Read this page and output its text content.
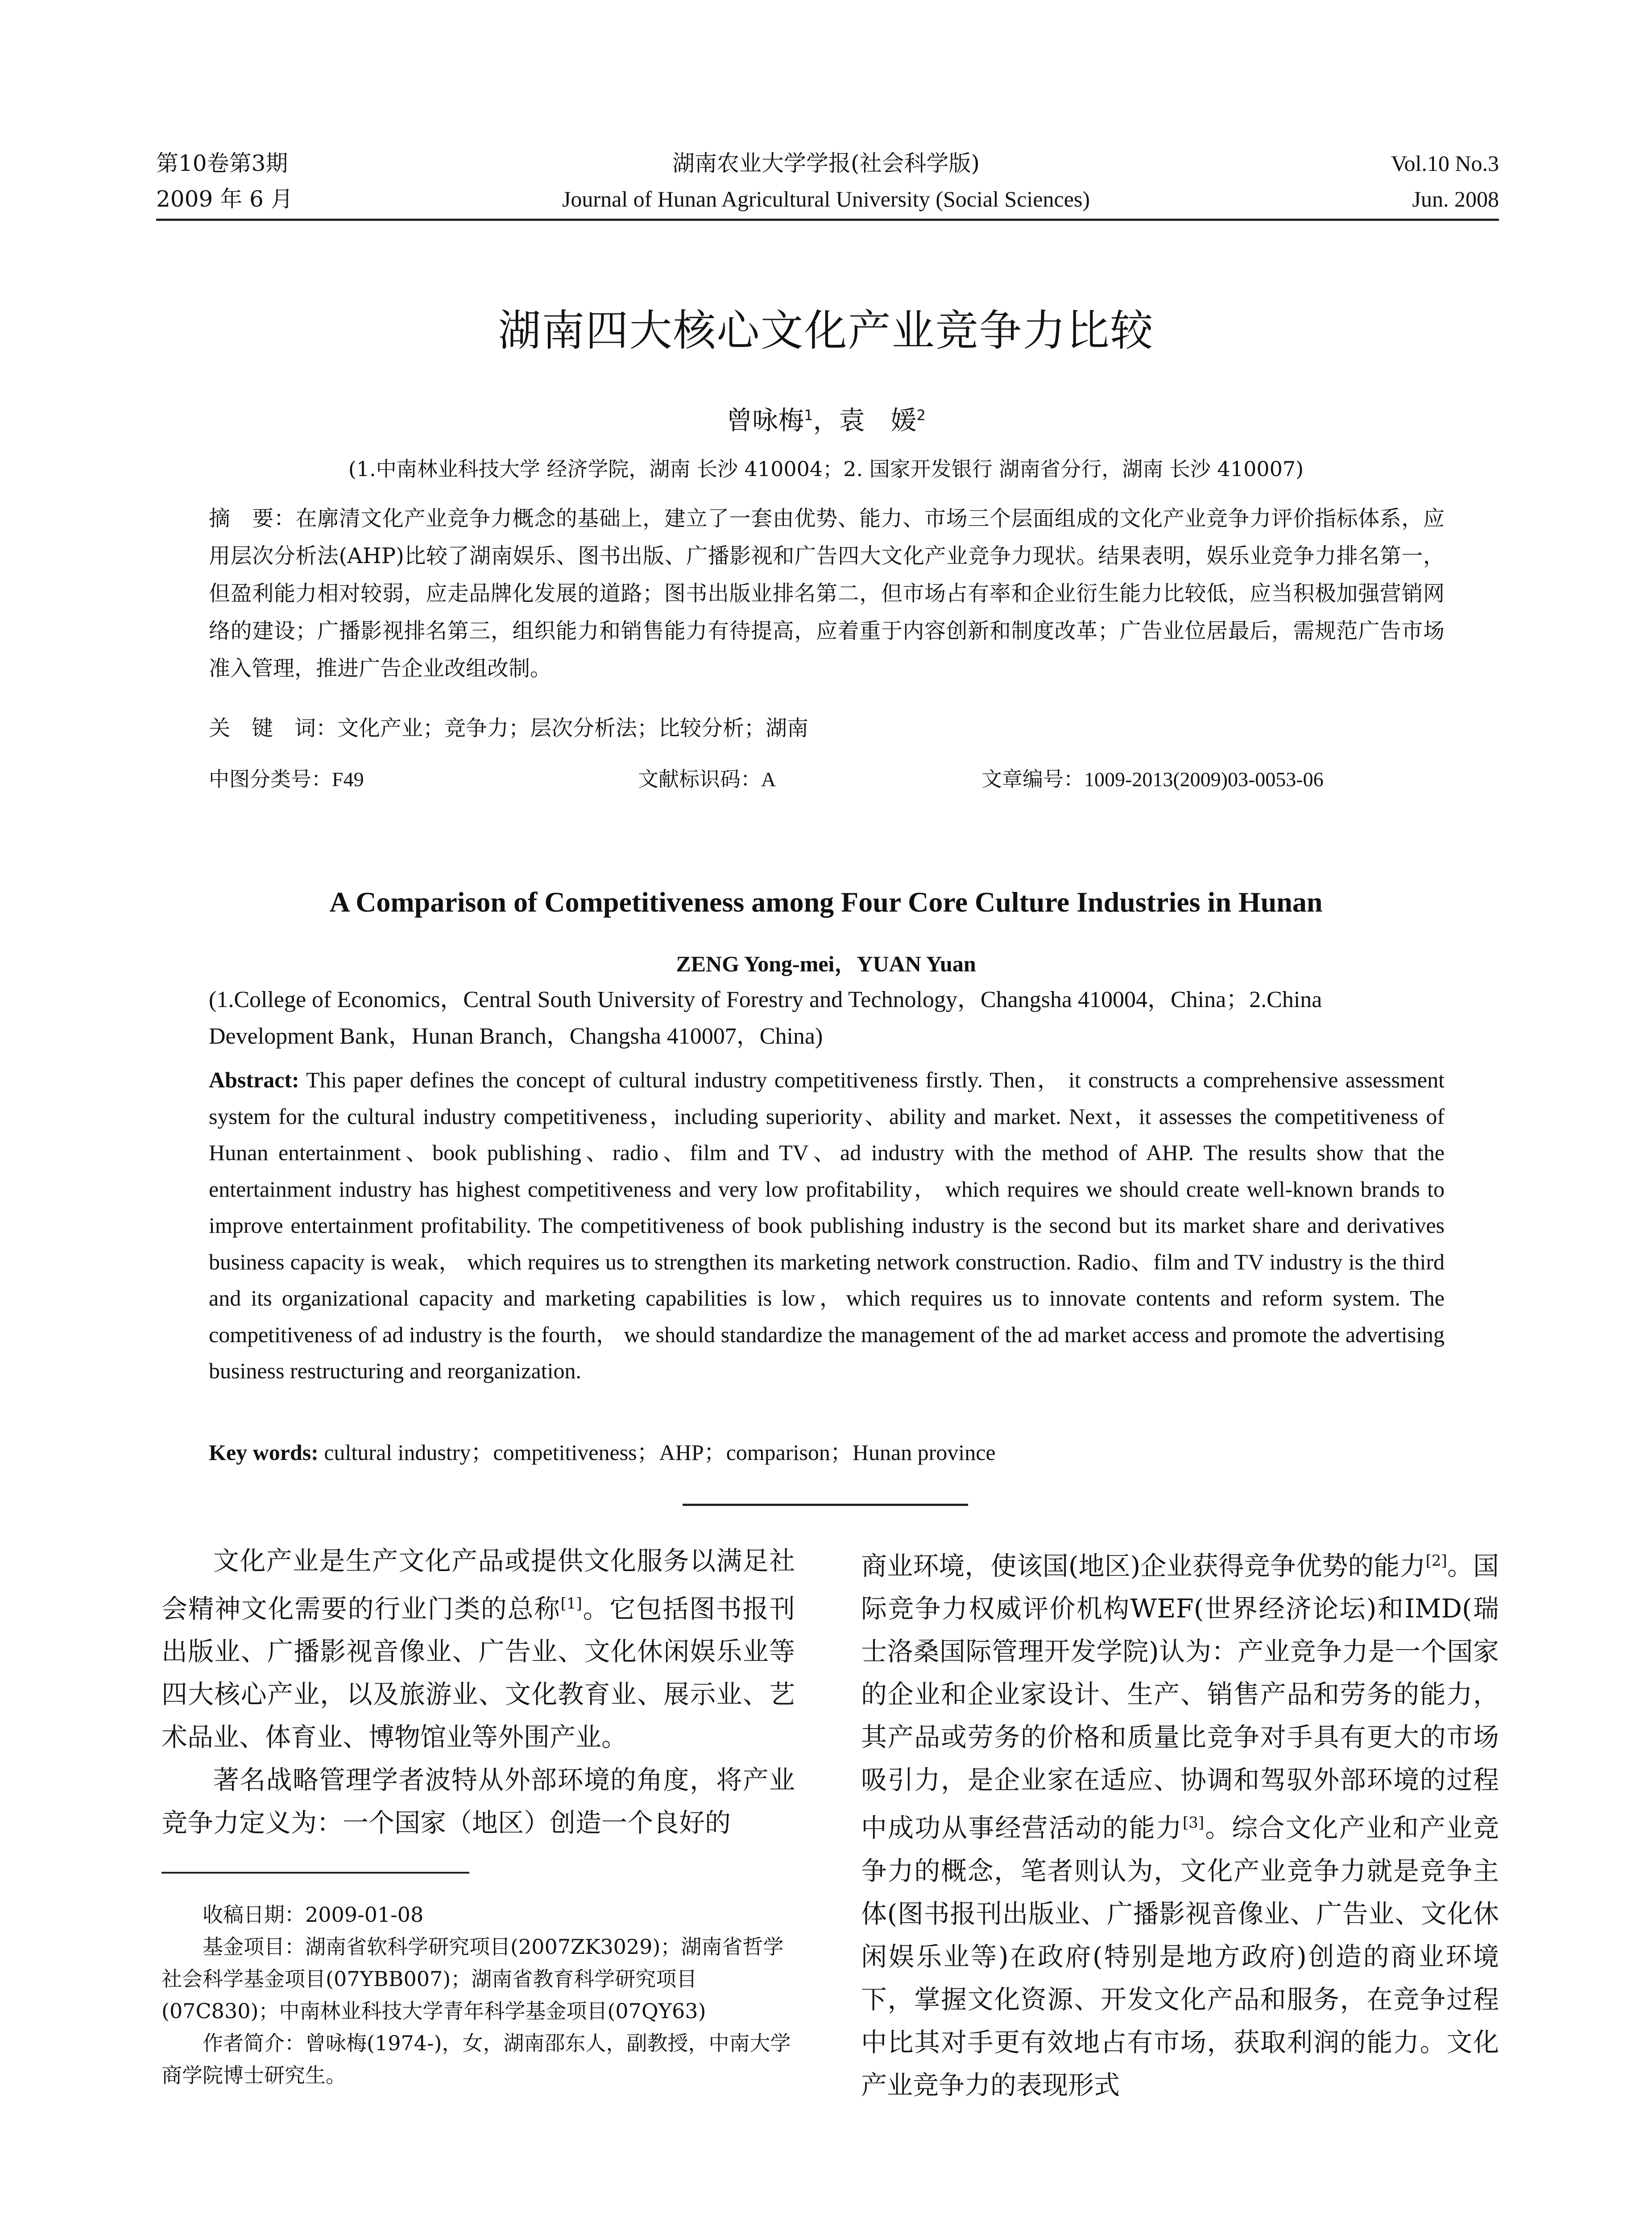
第10卷第3期
2009 年 6 月
湖南农业大学学报(社会科学版)
Journal of Hunan Agricultural University (Social Sciences)
Vol.10 No.3
Jun. 2008
湖南四大核心文化产业竞争力比较
曾咏梅$^1$，袁　媛$^2$
(1.中南林业科技大学 经济学院，湖南 长沙 410004；2. 国家开发银行 湖南省分行，湖南 长沙 410007)
摘　要：在廓清文化产业竞争力概念的基础上，建立了一套由优势、能力、市场三个层面组成的文化产业竞争力评价指标体系，应用层次分析法(AHP)比较了湖南娱乐、图书出版、广播影视和广告四大文化产业竞争力现状。结果表明，娱乐业竞争力排名第一，但盈利能力相对较弱，应走品牌化发展的道路；图书出版业排名第二，但市场占有率和企业衍生能力比较低，应当积极加强营销网络的建设；广播影视排名第三，组织能力和销售能力有待提高，应着重于内容创新和制度改革；广告业位居最后，需规范广告市场准入管理，推进广告企业改组改制。
关　键　词：文化产业；竞争力；层次分析法；比较分析；湖南
中图分类号：F49	文献标识码：A	文章编号：1009-2013(2009)03-0053-06
A Comparison of Competitiveness among Four Core Culture Industries in Hunan
ZENG Yong-mei，YUAN Yuan
(1.College of Economics，Central South University of Forestry and Technology，Changsha 410004，China；2.China Development Bank，Hunan Branch，Changsha 410007，China)
Abstract: This paper defines the concept of cultural industry competitiveness firstly. Then， it constructs a comprehensive assessment system for the cultural industry competitiveness，including superiority、ability and market. Next，it assesses the competitiveness of Hunan entertainment、book publishing、radio、film and TV、ad industry with the method of AHP. The results show that the entertainment industry has highest competitiveness and very low profitability， which requires we should create well-known brands to improve entertainment profitability. The competitiveness of book publishing industry is the second but its market share and derivatives business capacity is weak， which requires us to strengthen its marketing network construction. Radio、film and TV industry is the third and its organizational capacity and marketing capabilities is low，which requires us to innovate contents and reform system. The competitiveness of ad industry is the fourth， we should standardize the management of the ad market access and promote the advertising business restructuring and reorganization.
Key words: cultural industry；competitiveness；AHP；comparison；Hunan province

文化产业是生产文化产品或提供文化服务以满足社会精神文化需要的行业门类的总称[1]。它包括图书报刊出版业、广播影视音像业、广告业、文化休闲娱乐业等四大核心产业，以及旅游业、文化教育业、展示业、艺术品业、体育业、博物馆业等外围产业。

著名战略管理学者波特从外部环境的角度，将产业竞争力定义为：一个国家（地区）创造一个良好的

收稿日期：2009-01-08

基金项目：湖南省软科学研究项目(2007ZK3029)；湖南省哲学社会科学基金项目(07YBB007)；湖南省教育科学研究项目(07C830)；中南林业科技大学青年科学基金项目(07QY63)

作者简介：曾咏梅(1974-)，女，湖南邵东人，副教授，中南大学商学院博士研究生。

商业环境，使该国(地区)企业获得竞争优势的能力[2]。国际竞争力权威评价机构WEF(世界经济论坛)和IMD(瑞士洛桑国际管理开发学院)认为：产业竞争力是一个国家的企业和企业家设计、生产、销售产品和劳务的能力，其产品或劳务的价格和质量比竞争对手具有更大的市场吸引力，是企业家在适应、协调和驾驭外部环境的过程中成功从事经营活动的能力[3]。综合文化产业和产业竞争力的概念，笔者则认为，文化产业竞争力就是竞争主体(图书报刊出版业、广播影视音像业、广告业、文化休闲娱乐业等)在政府(特别是地方政府)创造的商业环境下，掌握文化资源、开发文化产品和服务，在竞争过程中比其对手更有效地占有市场，获取利润的能力。文化产业竞争力的表现形式
